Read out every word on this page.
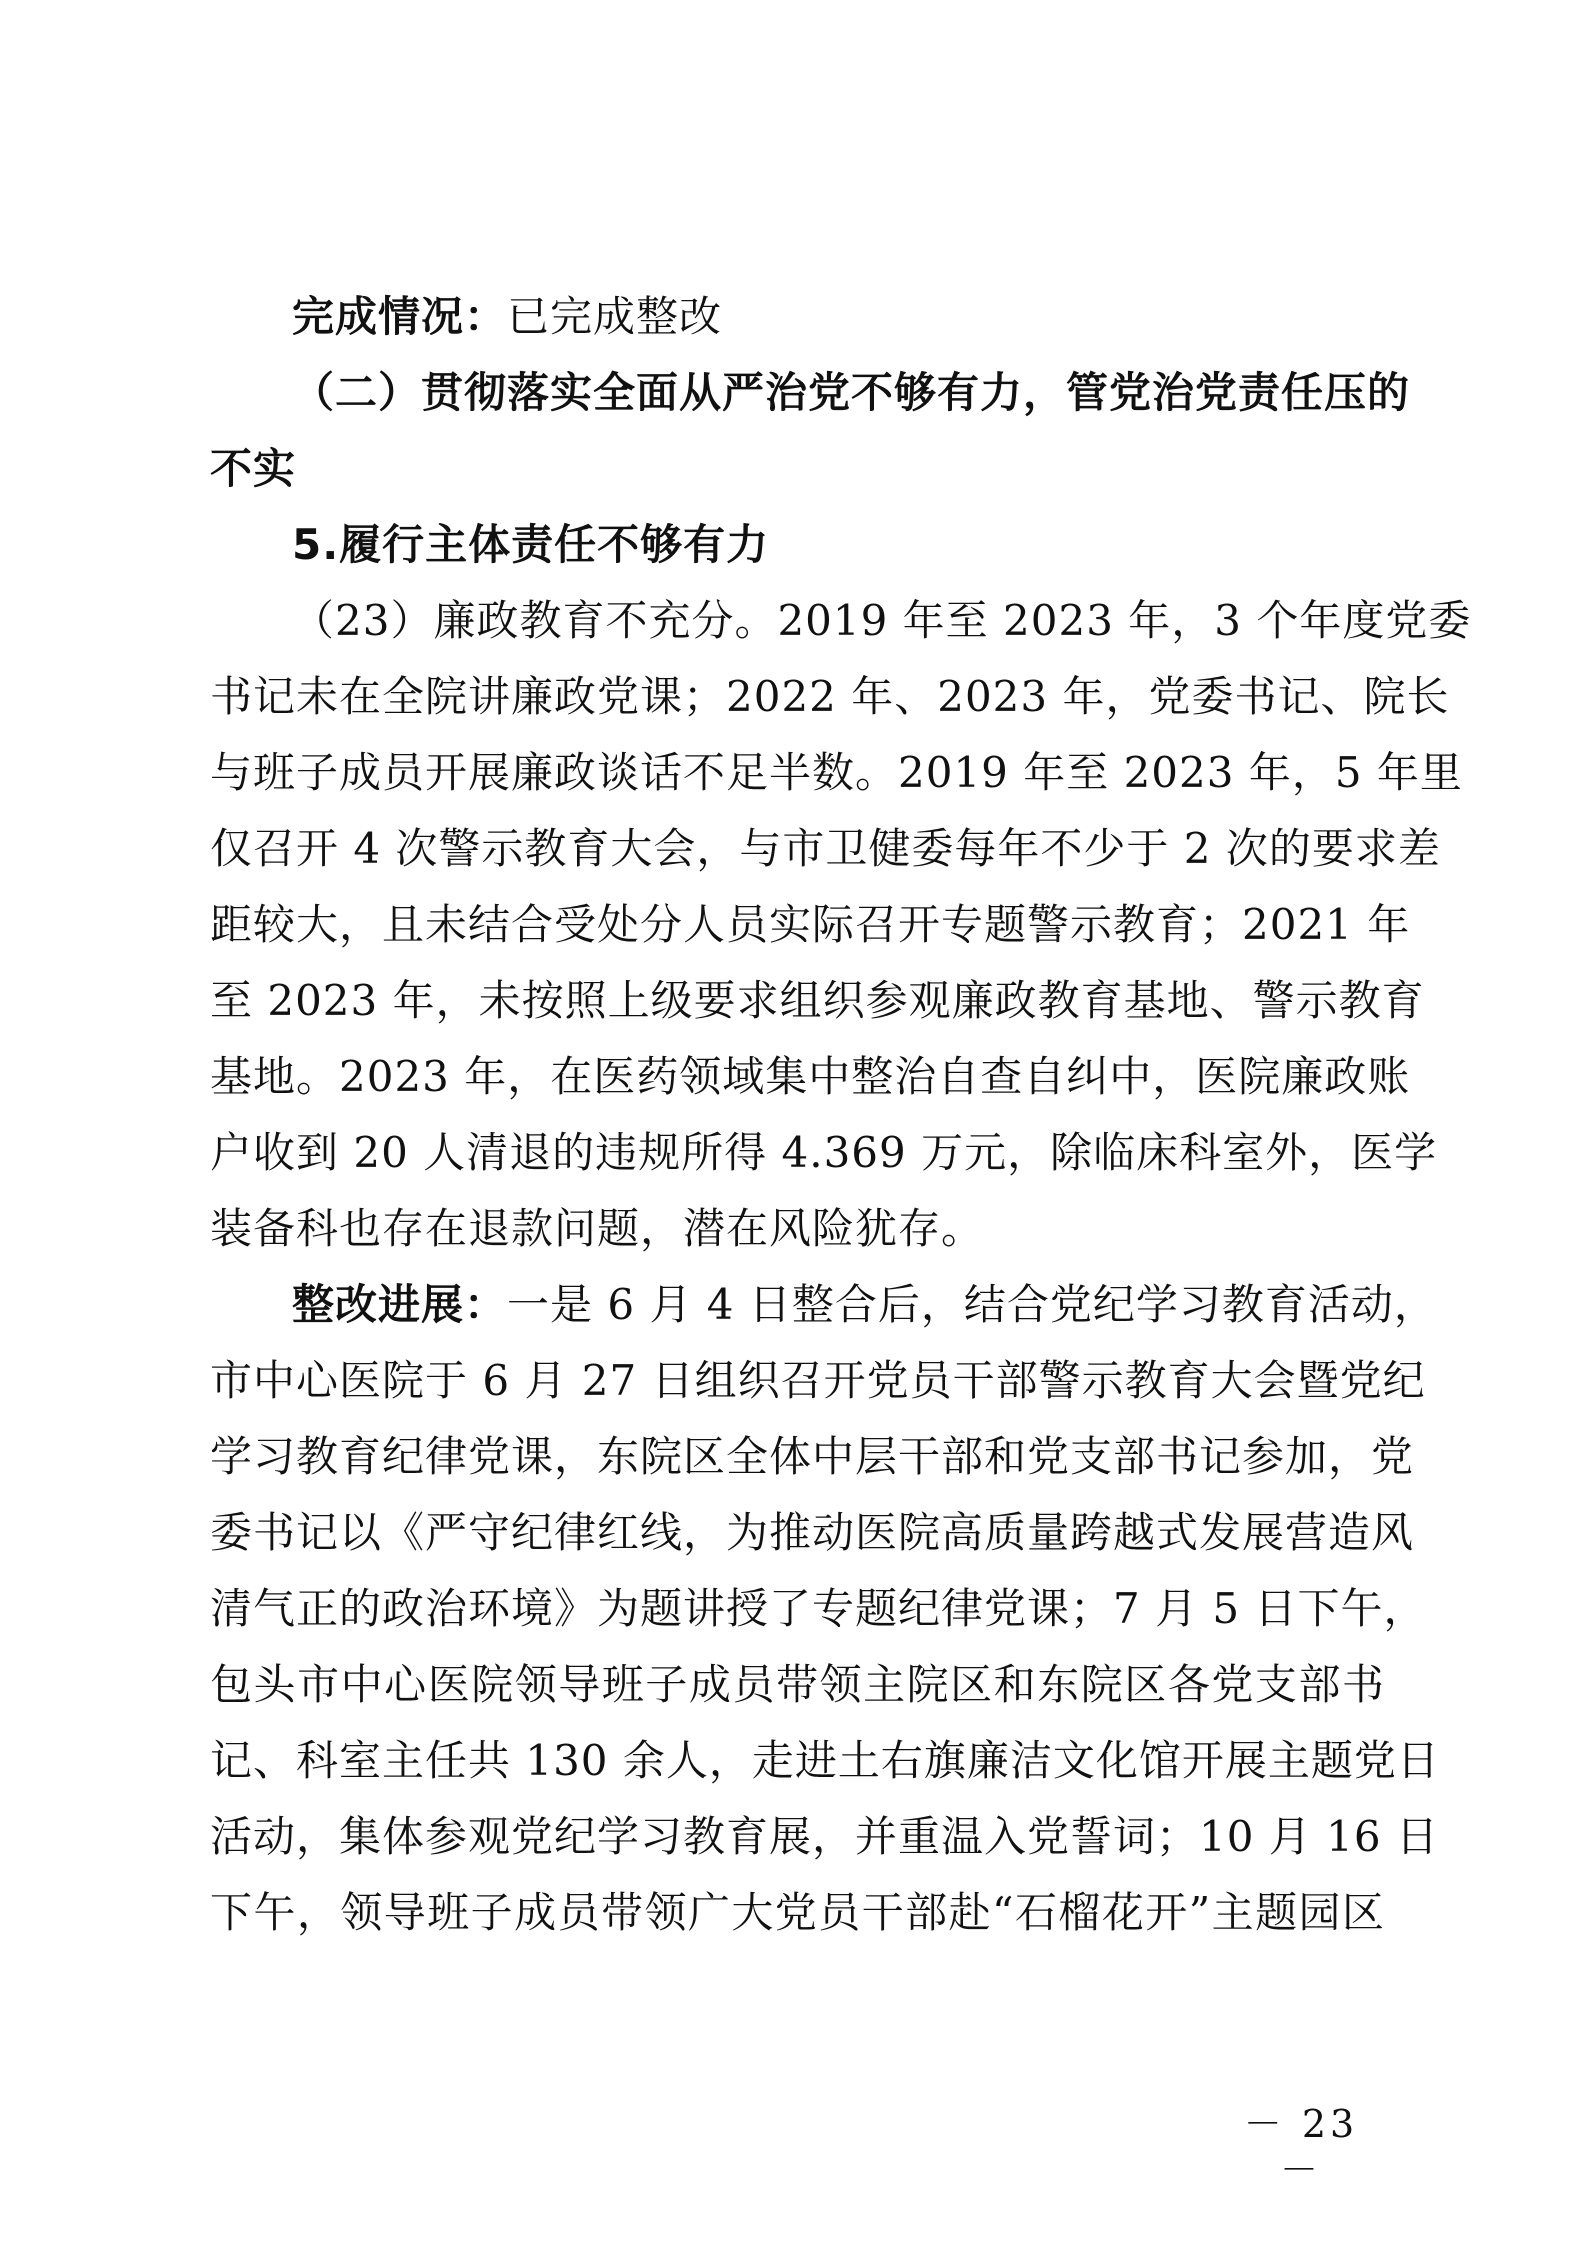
完成情况：已完成整改
（二）贯彻落实全面从严治党不够有力，管党治党责任压的
不实
5.履行主体责任不够有力
（23）廉政教育不充分。2019 年至 2023 年，3 个年度党委
书记未在全院讲廉政党课；2022 年、2023 年，党委书记、院长
与班子成员开展廉政谈话不足半数。2019 年至 2023 年，5 年里
仅召开 4 次警示教育大会，与市卫健委每年不少于 2 次的要求差
距较大，且未结合受处分人员实际召开专题警示教育；2021 年
至 2023 年，未按照上级要求组织参观廉政教育基地、警示教育
基地。2023 年，在医药领域集中整治自查自纠中，医院廉政账
户收到 20 人清退的违规所得 4.369 万元，除临床科室外，医学
装备科也存在退款问题，潜在风险犹存。
整改进展：一是 6 月 4 日整合后，结合党纪学习教育活动，
市中心医院于 6 月 27 日组织召开党员干部警示教育大会暨党纪
学习教育纪律党课，东院区全体中层干部和党支部书记参加，党
委书记以《严守纪律红线，为推动医院高质量跨越式发展营造风
清气正的政治环境》为题讲授了专题纪律党课；7 月 5 日下午，
包头市中心医院领导班子成员带领主院区和东院区各党支部书
记、科室主任共 130 余人，走进土右旗廉洁文化馆开展主题党日
活动，集体参观党纪学习教育展，并重温入党誓词；10 月 16 日
下午，领导班子成员带领广大党员干部赴“石榴花开”主题园区
－ 23 －
